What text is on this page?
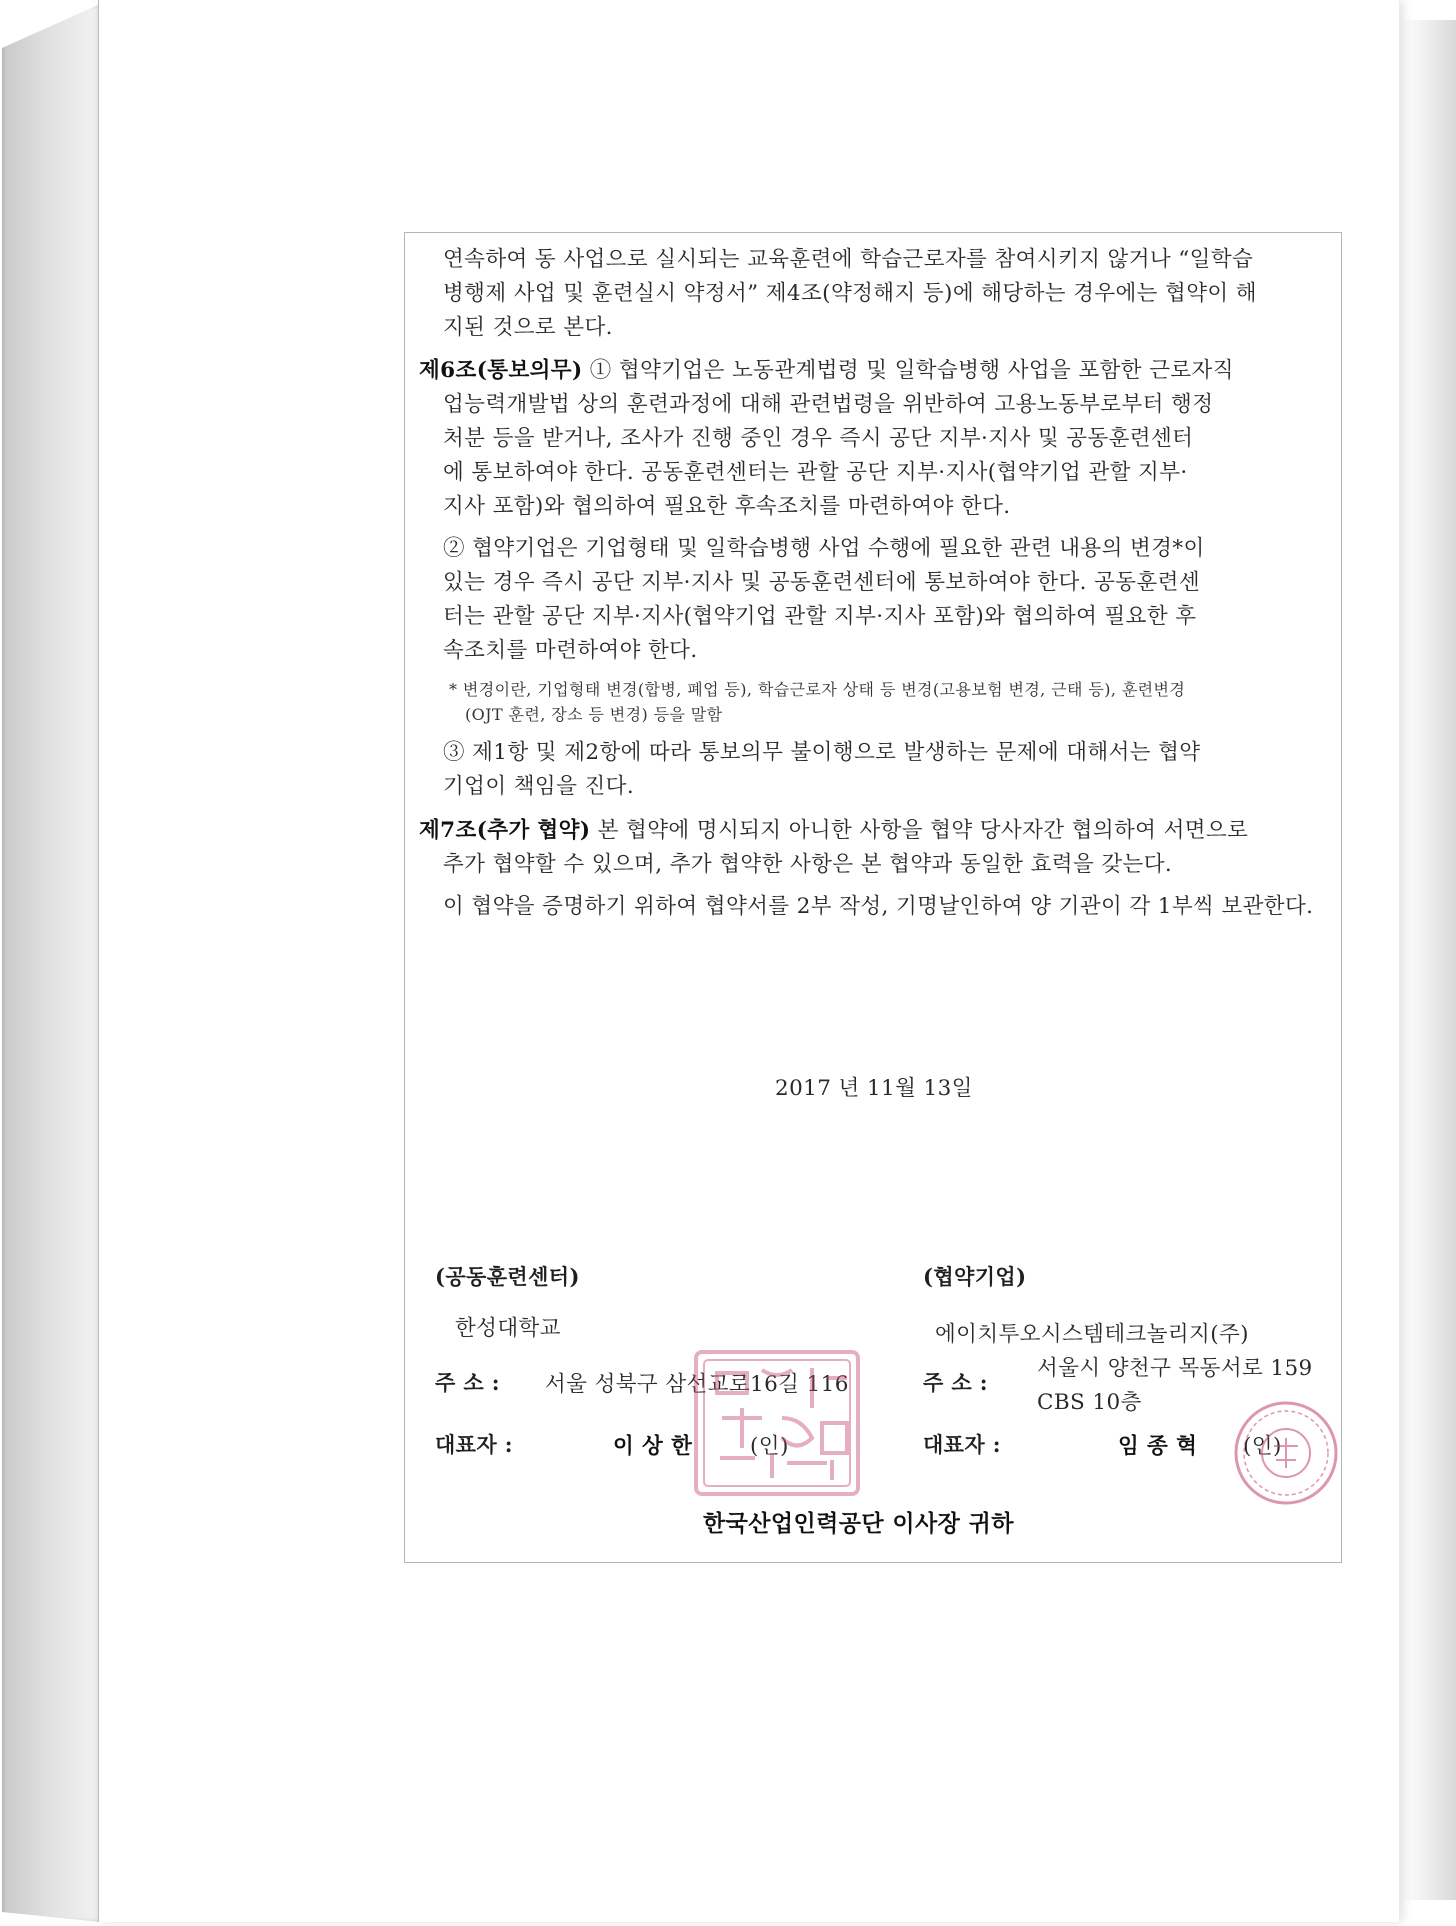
연속하여 동 사업으로 실시되는 교육훈련에 학습근로자를 참여시키지 않거나 “일학습
병행제 사업 및 훈련실시 약정서” 제4조(약정해지 등)에 해당하는 경우에는 협약이 해
지된 것으로 본다.
제6조(통보의무) ① 협약기업은 노동관계법령 및 일학습병행 사업을 포함한 근로자직
업능력개발법 상의 훈련과정에 대해 관련법령을 위반하여 고용노동부로부터 행정
처분 등을 받거나, 조사가 진행 중인 경우 즉시 공단 지부·지사 및 공동훈련센터
에 통보하여야 한다. 공동훈련센터는 관할 공단 지부·지사(협약기업 관할 지부·
지사 포함)와 협의하여 필요한 후속조치를 마련하여야 한다.
② 협약기업은 기업형태 및 일학습병행 사업 수행에 필요한 관련 내용의 변경*이
있는 경우 즉시 공단 지부·지사 및 공동훈련센터에 통보하여야 한다. 공동훈련센
터는 관할 공단 지부·지사(협약기업 관할 지부·지사 포함)와 협의하여 필요한 후
속조치를 마련하여야 한다.
* 변경이란, 기업형태 변경(합병, 폐업 등), 학습근로자 상태 등 변경(고용보험 변경, 근태 등), 훈련변경
(OJT 훈련, 장소 등 변경) 등을 말함
③ 제1항 및 제2항에 따라 통보의무 불이행으로 발생하는 문제에 대해서는 협약
기업이 책임을 진다.
제7조(추가 협약) 본 협약에 명시되지 아니한 사항을 협약 당사자간 협의하여 서면으로
추가 협약할 수 있으며, 추가 협약한 사항은 본 협약과 동일한 효력을 갖는다.
이 협약을 증명하기 위하여 협약서를 2부 작성, 기명날인하여 양 기관이 각 1부씩 보관한다.
2017 년 11월 13일
(공동훈련센터)
한성대학교
주 소 : 서울 성북구 삼선교로16길 116
대표자 :	이 상 한	(인)
(협약기업)
에이치투오시스템테크놀리지(주)
주 소 :
서울시 양천구 목동서로 159
CBS 10층
대표자 :	임 종 혁 (인)
한국산업인력공단 이사장 귀하
